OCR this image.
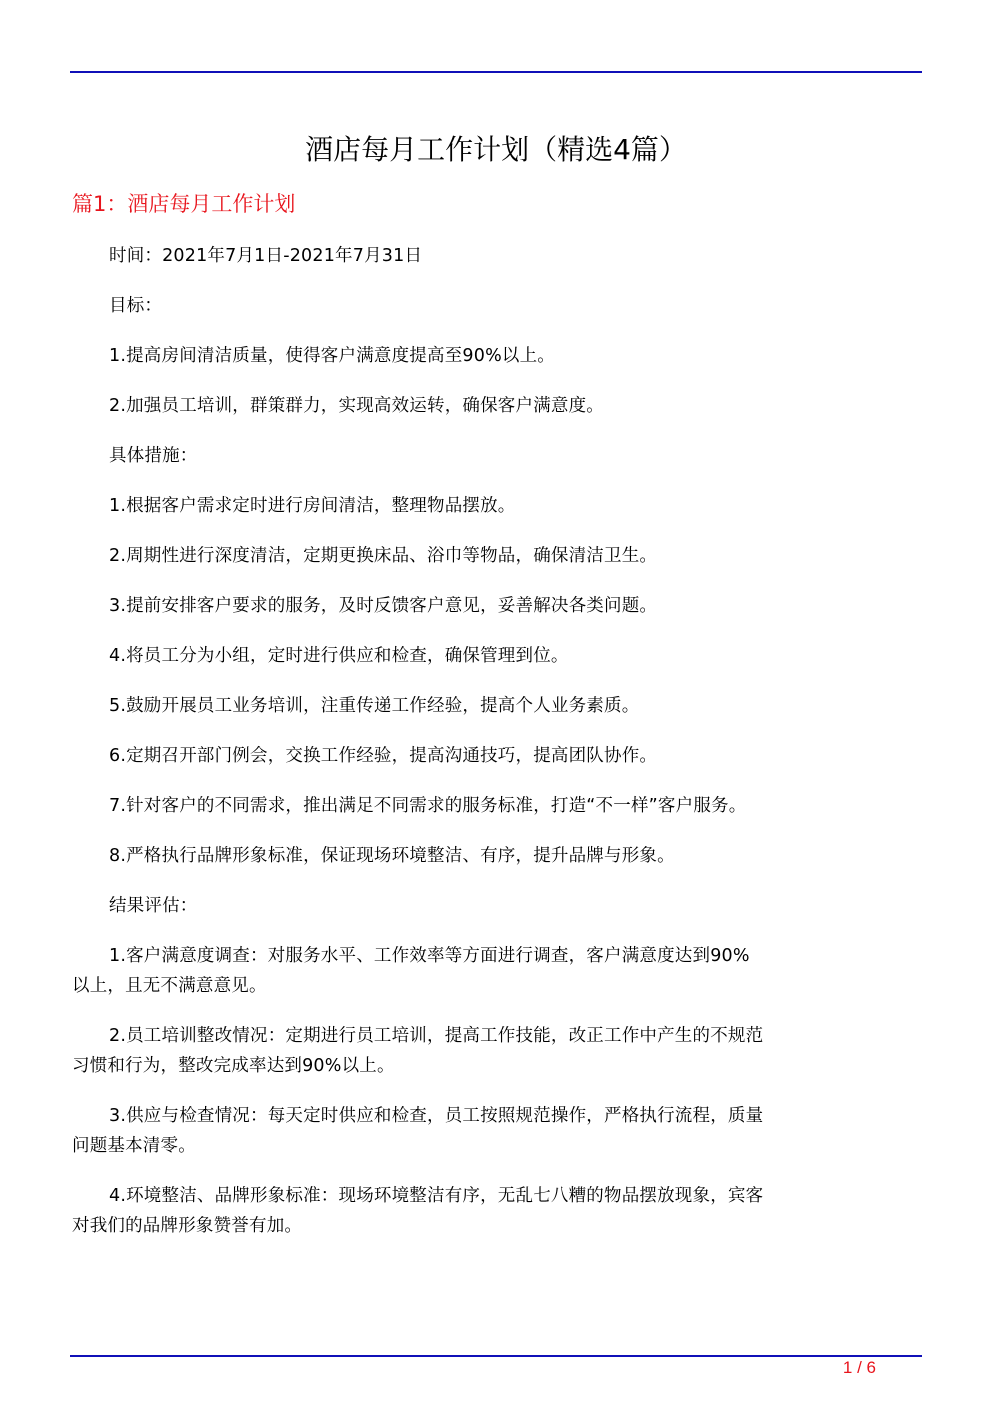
酒店每月工作计划（精选4篇）
篇1：酒店每月工作计划

时间：2021年7月1日-2021年7月31日

目标：

1.提高房间清洁质量，使得客户满意度提高至90%以上。

2.加强员工培训，群策群力，实现高效运转，确保客户满意度。

具体措施：

1.根据客户需求定时进行房间清洁，整理物品摆放。

2.周期性进行深度清洁，定期更换床品、浴巾等物品，确保清洁卫生。

3.提前安排客户要求的服务，及时反馈客户意见，妥善解决各类问题。

4.将员工分为小组，定时进行供应和检查，确保管理到位。

5.鼓励开展员工业务培训，注重传递工作经验，提高个人业务素质。

6.定期召开部门例会，交换工作经验，提高沟通技巧，提高团队协作。

7.针对客户的不同需求，推出满足不同需求的服务标准，打造“不一样”客户服务。

8.严格执行品牌形象标准，保证现场环境整洁、有序，提升品牌与形象。

结果评估：

1.客户满意度调查：对服务水平、工作效率等方面进行调查，客户满意度达到90%以上，且无不满意意见。

2.员工培训整改情况：定期进行员工培训，提高工作技能，改正工作中产生的不规范习惯和行为，整改完成率达到90%以上。

3.供应与检查情况：每天定时供应和检查，员工按照规范操作，严格执行流程，质量问题基本清零。

4.环境整洁、品牌形象标准：现场环境整洁有序，无乱七八糟的物品摆放现象，宾客对我们的品牌形象赞誉有加。

1 / 6
